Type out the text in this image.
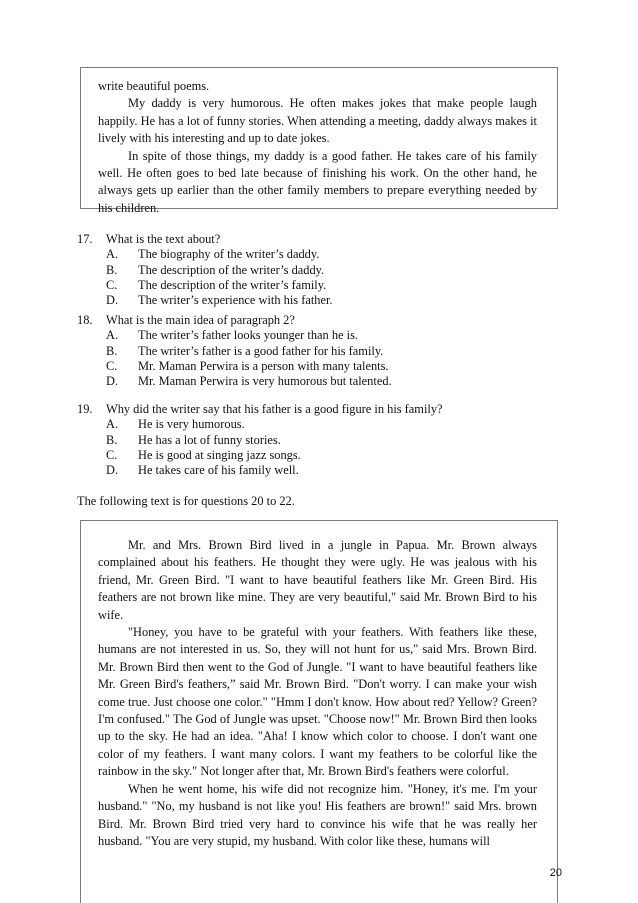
write beautiful poems.

My daddy is very humorous. He often makes jokes that make people laugh happily. He has a lot of funny stories. When attending a meeting, daddy always makes it lively with his interesting and up to date jokes.

In spite of those things, my daddy is a good father. He takes care of his family well. He often goes to bed late because of finishing his work. On the other hand, he always gets up earlier than the other family members to prepare everything needed by his children.

17.	What is the text about?
A.	The biography of the writer’s daddy.
B.	The description of the writer’s daddy.
C.	The description of the writer’s family.
D.	The writer’s experience with his father.
18.	What is the main idea of paragraph 2?
A.	The writer’s father looks younger than he is.
B.	The writer’s father is a good father for his family.
C.	Mr. Maman Perwira is a person with many talents.
D.	Mr. Maman Perwira is very humorous but talented.
19.	Why did the writer say that his father is a good figure in his family?
A.	He is very humorous.
B.	He has a lot of funny stories.
C.	He is good at singing jazz songs.
D.	He takes care of his family well.
The following text is for questions 20 to 22.

Mr. and Mrs. Brown Bird lived in a jungle in Papua. Mr. Brown always complained about his feathers. He thought they were ugly. He was jealous with his friend, Mr. Green Bird. "I want to have beautiful feathers like Mr. Green Bird. His feathers are not brown like mine. They are very beautiful," said Mr. Brown Bird to his wife.

"Honey, you have to be grateful with your feathers. With feathers like these, humans are not interested in us. So, they will not hunt for us," said Mrs. Brown Bird. Mr. Brown Bird then went to the God of Jungle. "I want to have beautiful feathers like Mr. Green Bird's feathers,” said Mr. Brown Bird. "Don't worry. I can make your wish come true. Just choose one color." "Hmm I don't know. How about red? Yellow? Green? I'm confused." The God of Jungle was upset. "Choose now!" Mr. Brown Bird then looks up to the sky. He had an idea. "Aha! I know which color to choose. I don't want one color of my feathers. I want many colors. I want my feathers to be colorful like the rainbow in the sky." Not longer after that, Mr. Brown Bird's feathers were colorful.

When he went home, his wife did not recognize him. "Honey, it's me. I'm your husband." "No, my husband is not like you! His feathers are brown!" said Mrs. brown Bird. Mr. Brown Bird tried very hard to convince his wife that he was really her husband. "You are very stupid, my husband. With color like these, humans will

20
